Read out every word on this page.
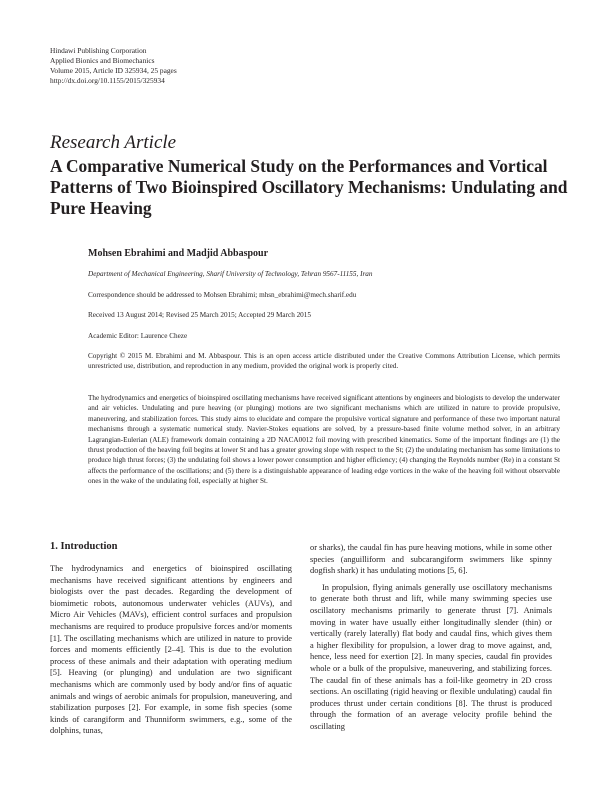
Hindawi Publishing Corporation
Applied Bionics and Biomechanics
Volume 2015, Article ID 325934, 25 pages
http://dx.doi.org/10.1155/2015/325934
Research Article
A Comparative Numerical Study on the Performances and Vortical Patterns of Two Bioinspired Oscillatory Mechanisms: Undulating and Pure Heaving
Mohsen Ebrahimi and Madjid Abbaspour
Department of Mechanical Engineering, Sharif University of Technology, Tehran 9567-11155, Iran
Correspondence should be addressed to Mohsen Ebrahimi; mhsn_ebrahimi@mech.sharif.edu
Received 13 August 2014; Revised 25 March 2015; Accepted 29 March 2015
Academic Editor: Laurence Cheze
Copyright © 2015 M. Ebrahimi and M. Abbaspour. This is an open access article distributed under the Creative Commons Attribution License, which permits unrestricted use, distribution, and reproduction in any medium, provided the original work is properly cited.
The hydrodynamics and energetics of bioinspired oscillating mechanisms have received significant attentions by engineers and biologists to develop the underwater and air vehicles. Undulating and pure heaving (or plunging) motions are two significant mechanisms which are utilized in nature to provide propulsive, maneuvering, and stabilization forces. This study aims to elucidate and compare the propulsive vortical signature and performance of these two important natural mechanisms through a systematic numerical study. Navier-Stokes equations are solved, by a pressure-based finite volume method solver, in an arbitrary Lagrangian-Eulerian (ALE) framework domain containing a 2D NACA0012 foil moving with prescribed kinematics. Some of the important findings are (1) the thrust production of the heaving foil begins at lower St and has a greater growing slope with respect to the St; (2) the undulating mechanism has some limitations to produce high thrust forces; (3) the undulating foil shows a lower power consumption and higher efficiency; (4) changing the Reynolds number (Re) in a constant St affects the performance of the oscillations; and (5) there is a distinguishable appearance of leading edge vortices in the wake of the heaving foil without observable ones in the wake of the undulating foil, especially at higher St.
1. Introduction

The hydrodynamics and energetics of bioinspired oscillating mechanisms have received significant attentions by engineers and biologists over the past decades. Regarding the development of biomimetic robots, autonomous underwater vehicles (AUVs), and Micro Air Vehicles (MAVs), efficient control surfaces and propulsion mechanisms are required to produce propulsive forces and/or moments [1]. The oscillating mechanisms which are utilized in nature to provide forces and moments efficiently [2–4]. This is due to the evolution process of these animals and their adaptation with operating medium [5]. Heaving (or plunging) and undulation are two significant mechanisms which are commonly used by body and/or fins of aquatic animals and wings of aerobic animals for propulsion, maneuvering, and stabilization purposes [2]. For example, in some fish species (some kinds of carangiform and Thunniform swimmers, e.g., some of the dolphins, tunas,

or sharks), the caudal fin has pure heaving motions, while in some other species (anguilliform and subcarangiform swimmers like spinny dogfish shark) it has undulating motions [5, 6].

In propulsion, flying animals generally use oscillatory mechanisms to generate both thrust and lift, while many swimming species use oscillatory mechanisms primarily to generate thrust [7]. Animals moving in water have usually either longitudinally slender (thin) or vertically (rarely laterally) flat body and caudal fins, which gives them a higher flexibility for propulsion, a lower drag to move against, and, hence, less need for exertion [2]. In many species, caudal fin provides whole or a bulk of the propulsive, maneuvering, and stabilizing forces. The caudal fin of these animals has a foil-like geometry in 2D cross sections. An oscillating (rigid heaving or flexible undulating) caudal fin produces thrust under certain conditions [8]. The thrust is produced through the formation of an average velocity profile behind the oscillating
